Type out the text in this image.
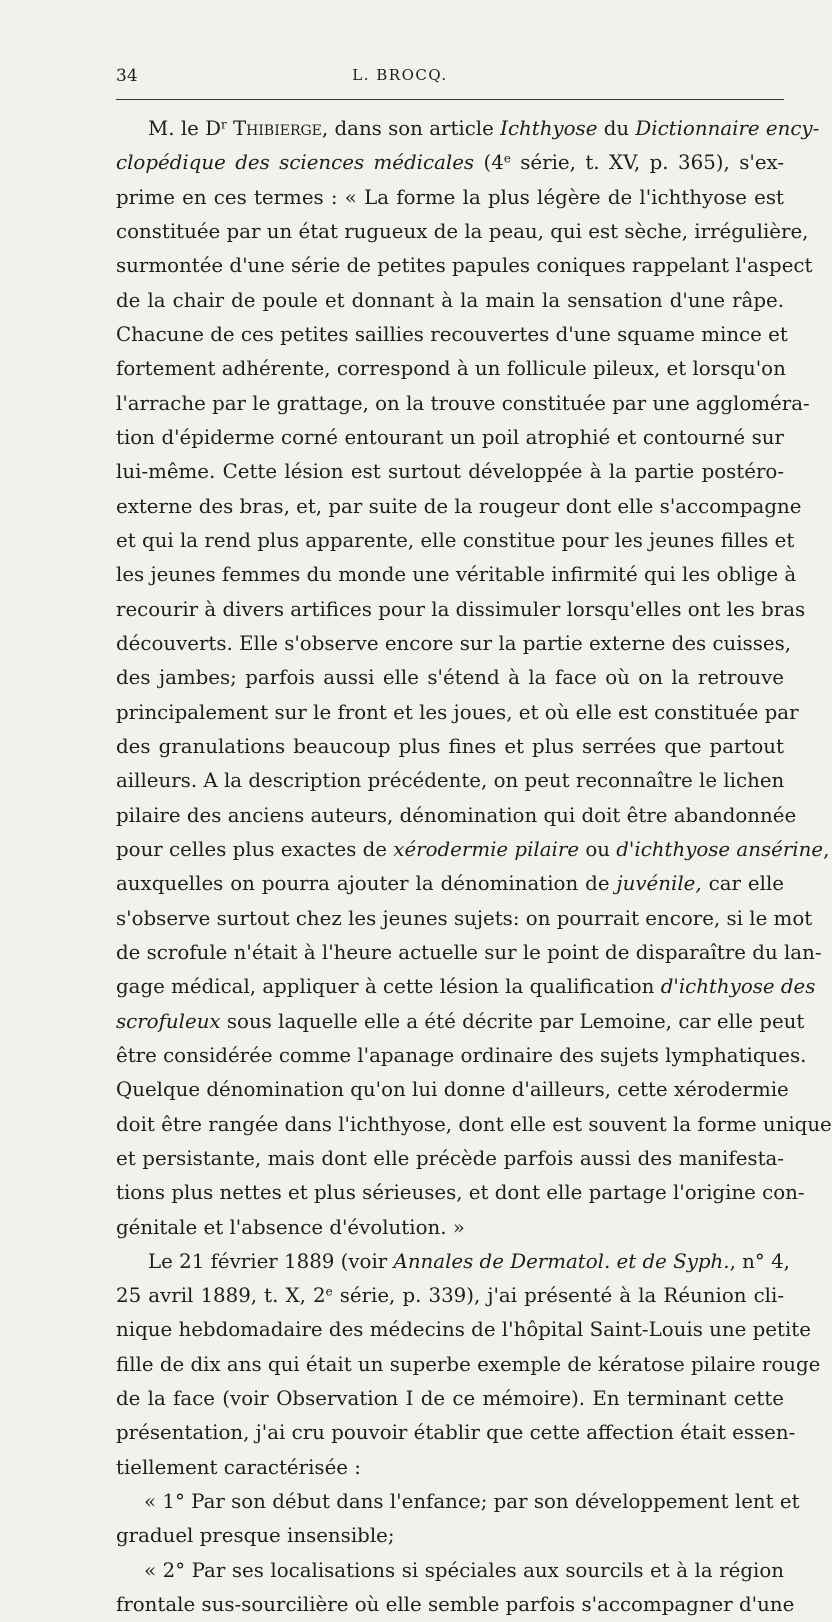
34	L. BROCQ.
M. le $D^r$ Thibierge, dans son article Ichthyose du Dictionnaire ency-
clopédique des sciences médicales (4e série, t. XV, p. 365), s'ex-
prime en ces termes : « La forme la plus légère de l'ichthyose est
constituée par un état rugueux de la peau, qui est sèche, irrégulière,
surmontée d'une série de petites papules coniques rappelant l'aspect
de la chair de poule et donnant à la main la sensation d'une râpe.
Chacune de ces petites saillies recouvertes d'une squame mince et
fortement adhérente, correspond à un follicule pileux, et lorsqu'on
l'arrache par le grattage, on la trouve constituée par une aggloméra-
tion d'épiderme corné entourant un poil atrophié et contourné sur
lui-même. Cette lésion est surtout développée à la partie postéro-
externe des bras, et, par suite de la rougeur dont elle s'accompagne
et qui la rend plus apparente, elle constitue pour les jeunes filles et
les jeunes femmes du monde une véritable infirmité qui les oblige à
recourir à divers artifices pour la dissimuler lorsqu'elles ont les bras
découverts. Elle s'observe encore sur la partie externe des cuisses,
des jambes; parfois aussi elle s'étend à la face où on la retrouve
principalement sur le front et les joues, et où elle est constituée par
des granulations beaucoup plus fines et plus serrées que partout
ailleurs. A la description précédente, on peut reconnaître le lichen
pilaire des anciens auteurs, dénomination qui doit être abandonnée
pour celles plus exactes de xérodermie pilaire ou d'ichthyose ansérine,
auxquelles on pourra ajouter la dénomination de juvénile, car elle
s'observe surtout chez les jeunes sujets: on pourrait encore, si le mot
de scrofule n'était à l'heure actuelle sur le point de disparaître du lan-
gage médical, appliquer à cette lésion la qualification d'ichthyose des
scrofuleux sous laquelle elle a été décrite par Lemoine, car elle peut
être considérée comme l'apanage ordinaire des sujets lymphatiques.
Quelque dénomination qu'on lui donne d'ailleurs, cette xérodermie
doit être rangée dans l'ichthyose, dont elle est souvent la forme unique
et persistante, mais dont elle précède parfois aussi des manifesta-
tions plus nettes et plus sérieuses, et dont elle partage l'origine con-
génitale et l'absence d'évolution. »
Le 21 février 1889 (voir Annales de Dermatol. et de Syph., n° 4,
25 avril 1889, t. X, 2e série, p. 339), j'ai présenté à la Réunion cli-
nique hebdomadaire des médecins de l'hôpital Saint-Louis une petite
fille de dix ans qui était un superbe exemple de kératose pilaire rouge
de la face (voir Observation I de ce mémoire). En terminant cette
présentation, j'ai cru pouvoir établir que cette affection était essen-
tiellement caractérisée :
« 1° Par son début dans l'enfance; par son développement lent et
graduel presque insensible;
« 2° Par ses localisations si spéciales aux sourcils et à la région
frontale sus-sourcilière où elle semble parfois s'accompagner d'une
